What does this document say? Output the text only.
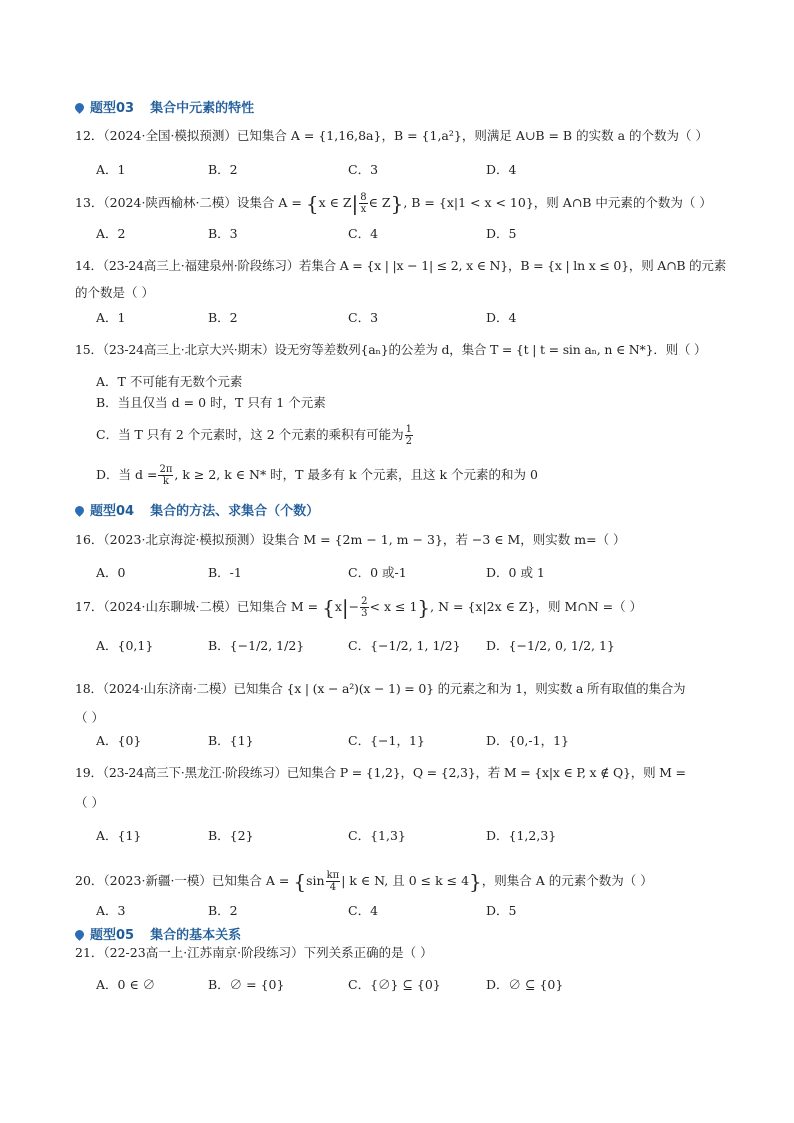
题型03 集合中元素的特性
12．（2024·全国·模拟预测）已知集合 A = {1,16,8a}，B = {1,a²}，则满足 A∪B = B 的实数 a 的个数为（ ）
A．1	B．2	C．3	D．4
13．（2024·陕西榆林·二模）设集合 A = {x ∈ $Z| \frac{8}{x}$ ∈ Z}, B = {x|1 < x < 10}，则 A∩B 中元素的个数为（ ）
A．2	B．3	C．4	D．5
14．（23-24高三上·福建泉州·阶段练习）若集合 A = {x | |x − 1| ≤ 2, x ∈ N}，B = {x | ln x ≤ 0}，则 A∩B 的元素
的个数是（ ）
A．1	B．2	C．3	D．4
15．（23-24高三上·北京大兴·期末）设无穷等差数列{aₙ}的公差为 d，集合 T = {t | t = sin aₙ, n ∈ N*}．则（ ）
A．T 不可能有无数个元素
B．当且仅当 d = 0 时，T 只有 1 个元素
C．当 T 只有 2 个元素时，这 2 个元素的乘积有可能为 $\frac{1}{2}$
D．当 $d = \frac{2\pi}{k}$ , k ≥ 2, k ∈ N* 时，T 最多有 k 个元素，且这 k 个元素的和为 0
题型04 集合的方法、求集合（个数）
16．（2023·北京海淀·模拟预测）设集合 M = {2m − 1, m − 3}，若 −3 ∈ M，则实数 m=（ ）
A．0	B．-1	C．0 或-1	D．0 或 1
17．（2024·山东聊城·二模）已知集合 $M = \{x|- \frac{2}{3} < x \le 1\}$, N = {x|2x ∈ Z}，则 M∩N =（ ）
A．{0,1}	B．{−1/2, 1/2}	C．{−1/2, 1, 1/2} D．{−1/2, 0, 1/2, 1}
18．（2024·山东济南·二模）已知集合 {x | (x − a²)(x − 1) = 0} 的元素之和为 1，则实数 a 所有取值的集合为
（ ）
A．{0}	B．{1}	C．{−1，1}	D．{0,-1，1}
19．（23-24高三下·黑龙江·阶段练习）已知集合 P = {1,2}，Q = {2,3}，若 M = {x|x ∈ P, x ∉ Q}，则 M =
（ ）
A．{1}	B．{2}	C．{1,3}	D．{1,2,3}
20．（2023·新疆·一模）已知集合 $A = \{\sin \frac{k\pi}{4}$ | k ∈ N, 且 0 ≤ k ≤ 4}，则集合 A 的元素个数为（ ）
A．3	B．2	C．4	D．5
题型05 集合的基本关系
21．（22-23高一上·江苏南京·阶段练习）下列关系正确的是（ ）
A．0 ∈ ∅	B．∅ = {0}	C．{∅} ⊆ {0}	D．∅ ⊆ {0}
